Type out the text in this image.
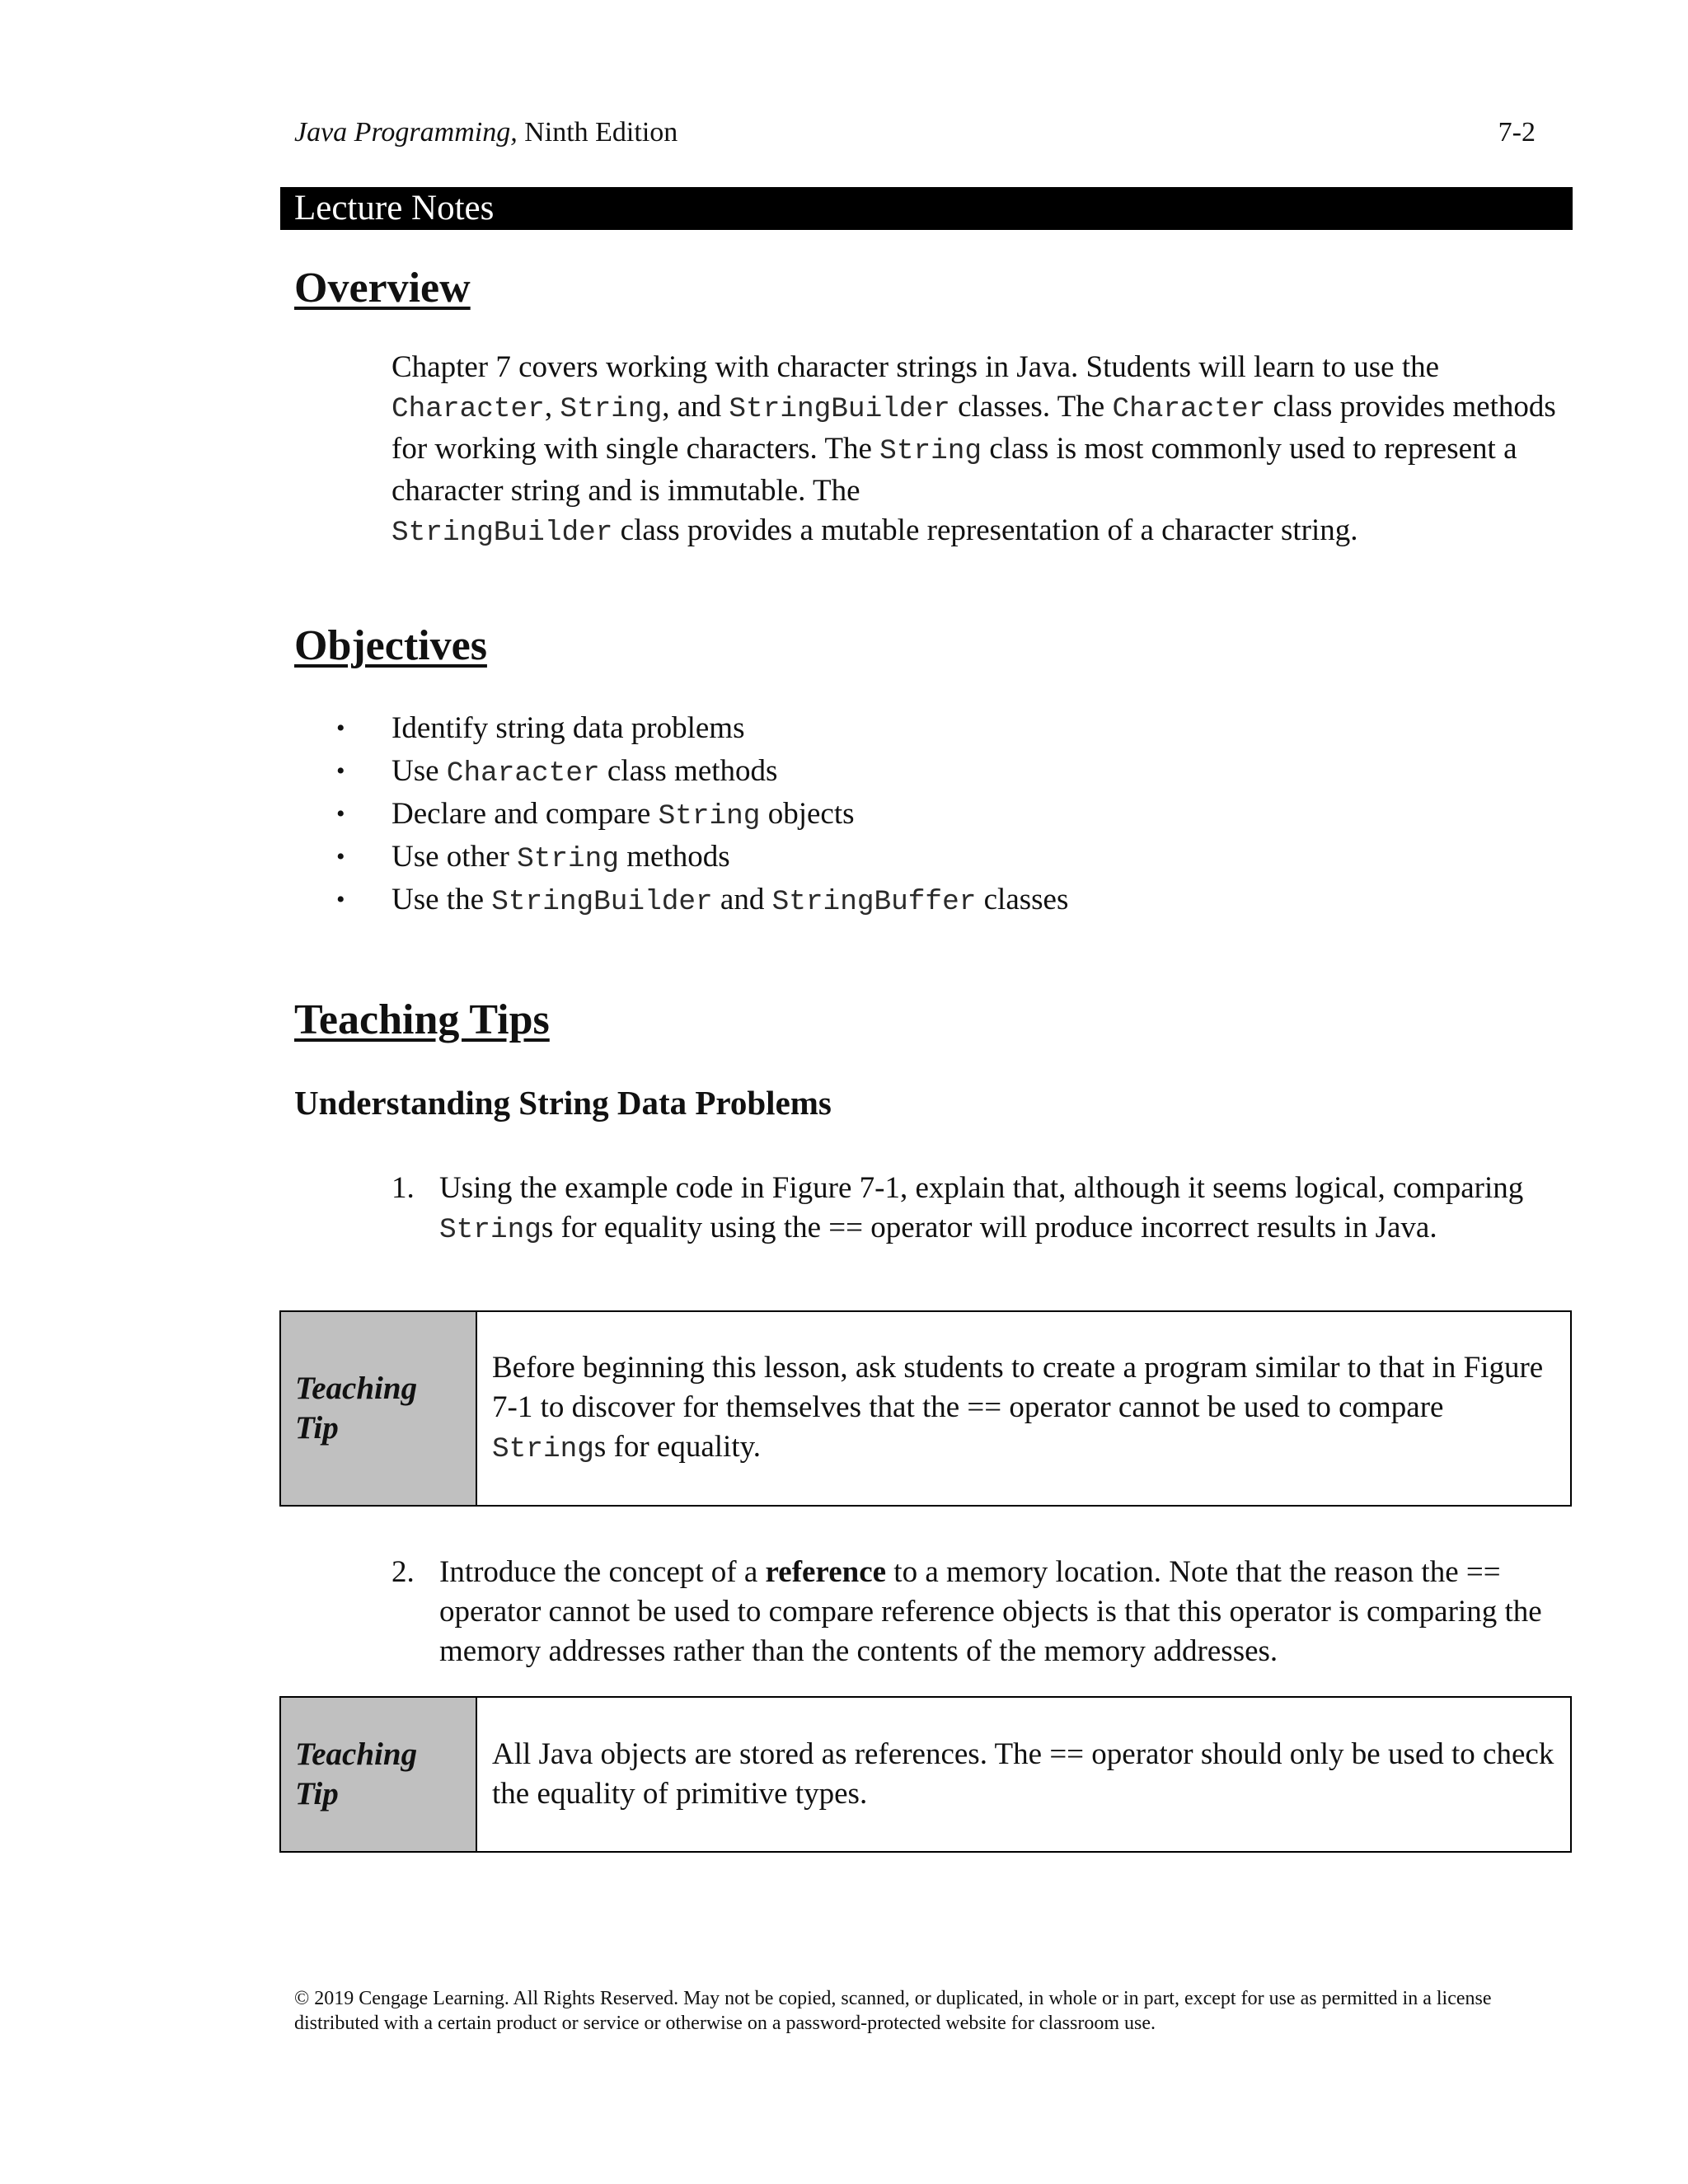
Java Programming, Ninth Edition	7-2
Lecture Notes
Overview
Chapter 7 covers working with character strings in Java. Students will learn to use the
Character, String, and StringBuilder classes. The Character class provides methods for working with single characters. The String class is most commonly used to represent a character string and is immutable. The
StringBuilder class provides a mutable representation of a character string.
Objectives
• Identify string data problems
• Use Character class methods
• Declare and compare String objects
• Use other String methods
• Use the StringBuilder and StringBuffer classes
Teaching Tips
Understanding String Data Problems
1. Using the example code in Figure 7-1, explain that, although it seems logical, comparing Strings for equality using the == operator will produce incorrect results in Java.
Teaching
Tip
Before beginning this lesson, ask students to create a program similar to that in Figure 7-1 to discover for themselves that the == operator cannot be used to compare Strings for equality.
2. Introduce the concept of a reference to a memory location. Note that the reason the == operator cannot be used to compare reference objects is that this operator is comparing the memory addresses rather than the contents of the memory addresses.
Teaching
Tip
All Java objects are stored as references. The == operator should only be used to check the equality of primitive types.
© 2019 Cengage Learning. All Rights Reserved. May not be copied, scanned, or duplicated, in whole or in part, except for use as permitted in a license distributed with a certain product or service or otherwise on a password-protected website for classroom use.
